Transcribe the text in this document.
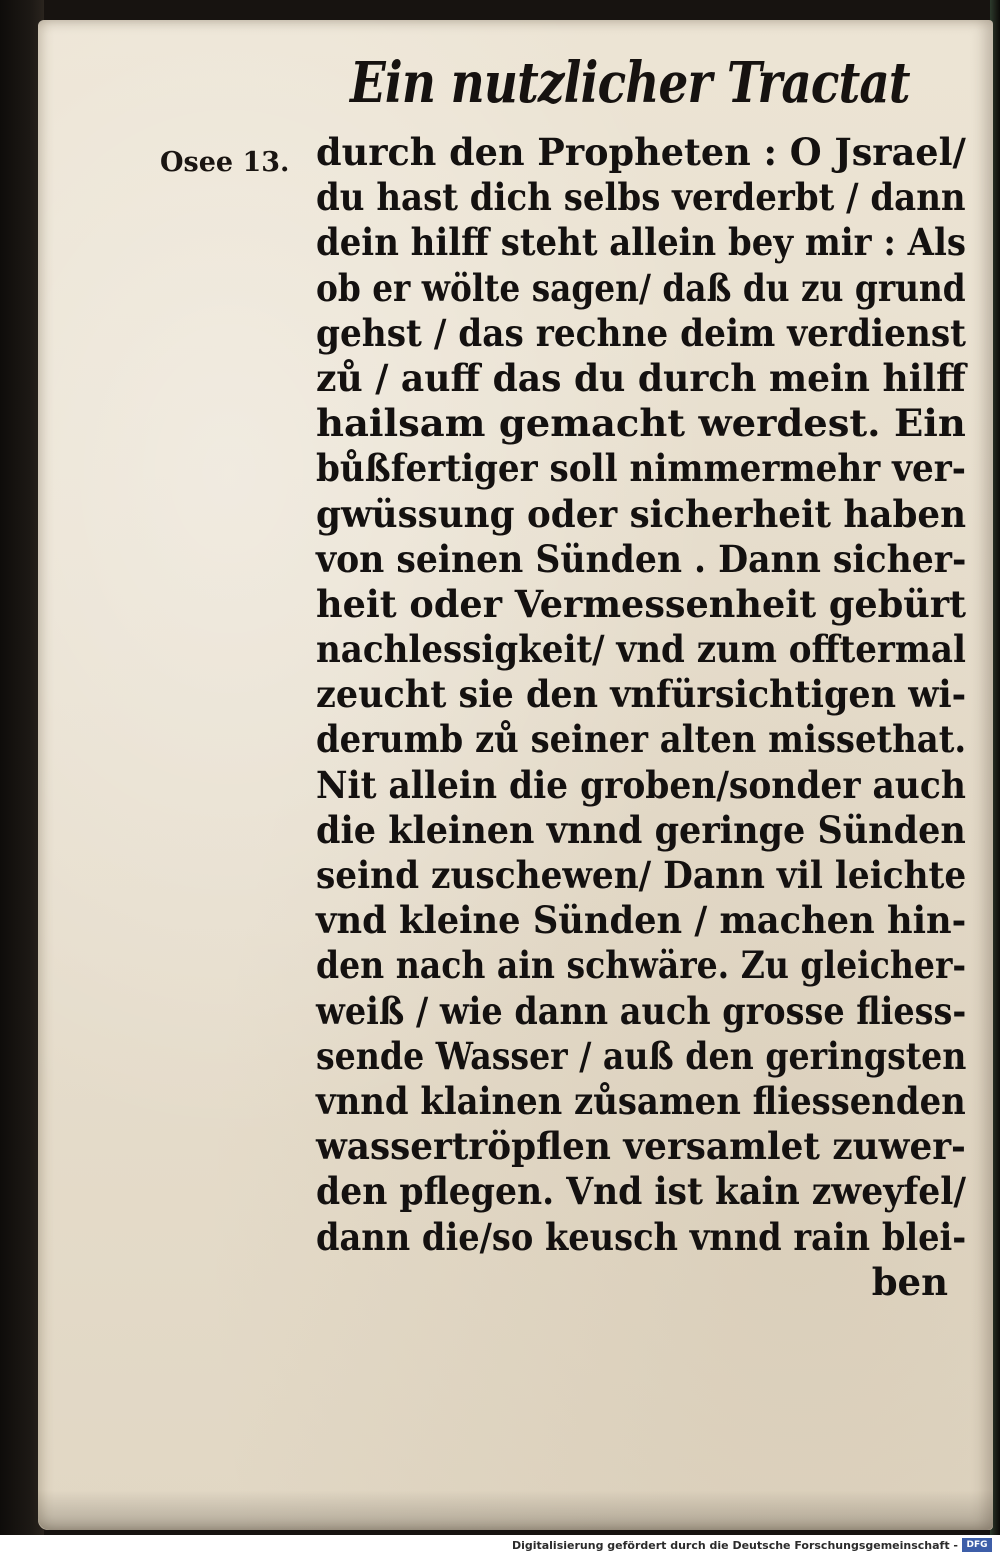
Ein nutzlicher Tractat
Osee 13. durch den Propheten : O Jsrael/
du hast dich selbs verderbt / dann
dein hilff steht allein bey mir : Als
ob er wölte sagen/ daß du zu grund
gehst / das rechne deim verdienst
zů / auff das du durch mein hilff
hailsam gemacht werdest. Ein
bůßfertiger soll nimmermehr ver-
gwüssung oder sicherheit haben
von seinen Sünden . Dann sicher-
heit oder Vermessenheit gebürt
nachlessigkeit/ vnd zum offtermal
zeucht sie den vnfürsichtigen wi-
derumb zů seiner alten missethat.
Nit allein die groben/sonder auch
die kleinen vnnd geringe Sünden
seind zuschewen/ Dann vil leichte
vnd kleine Sünden / machen hin-
den nach ain schwäre. Zu gleicher-
weiß / wie dann auch grosse fliess-
sende Wasser / auß den geringsten
vnnd klainen zůsamen fliessenden
wassertröpflen versamlet zuwer-
den pflegen. Vnd ist kain zweyfel/
dann die/so keusch vnnd rain blei-
ben
Digitalisierung gefördert durch die Deutsche Forschungsgemeinschaft - DFG
